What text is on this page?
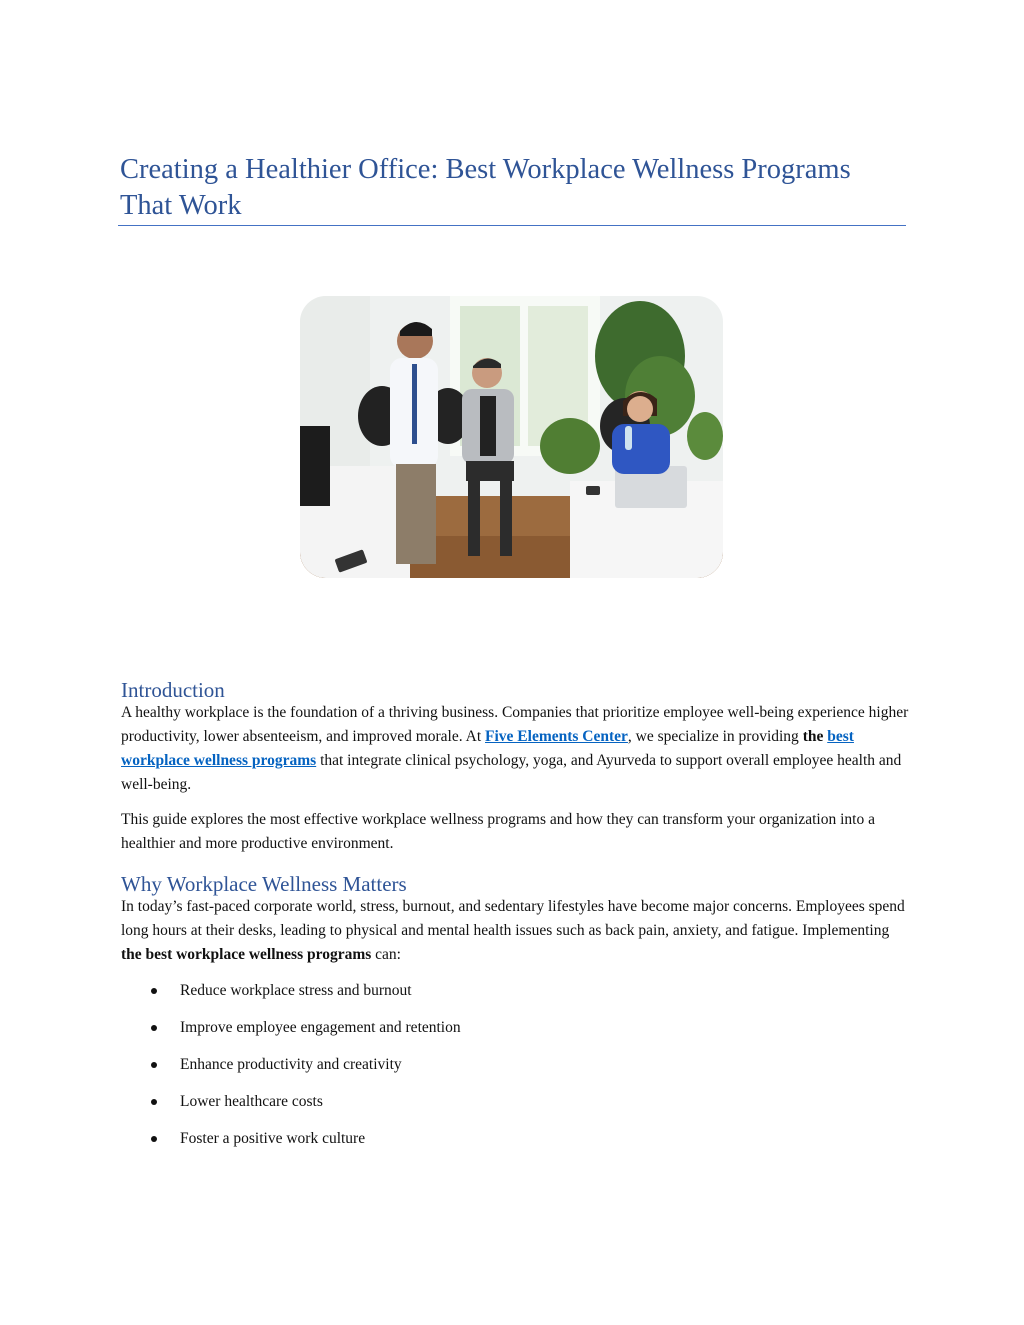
Creating a Healthier Office: Best Workplace Wellness Programs That Work
Introduction

A healthy workplace is the foundation of a thriving business. Companies that prioritize employee well-being experience higher productivity, lower absenteeism, and improved morale. At Five Elements Center, we specialize in providing the best workplace wellness programs that integrate clinical psychology, yoga, and Ayurveda to support overall employee health and well-being.

This guide explores the most effective workplace wellness programs and how they can transform your organization into a healthier and more productive environment.

Why Workplace Wellness Matters

In today’s fast-paced corporate world, stress, burnout, and sedentary lifestyles have become major concerns. Employees spend long hours at their desks, leading to physical and mental health issues such as back pain, anxiety, and fatigue. Implementing the best workplace wellness programs can:

Reduce workplace stress and burnout
Improve employee engagement and retention
Enhance productivity and creativity
Lower healthcare costs
Foster a positive work culture
